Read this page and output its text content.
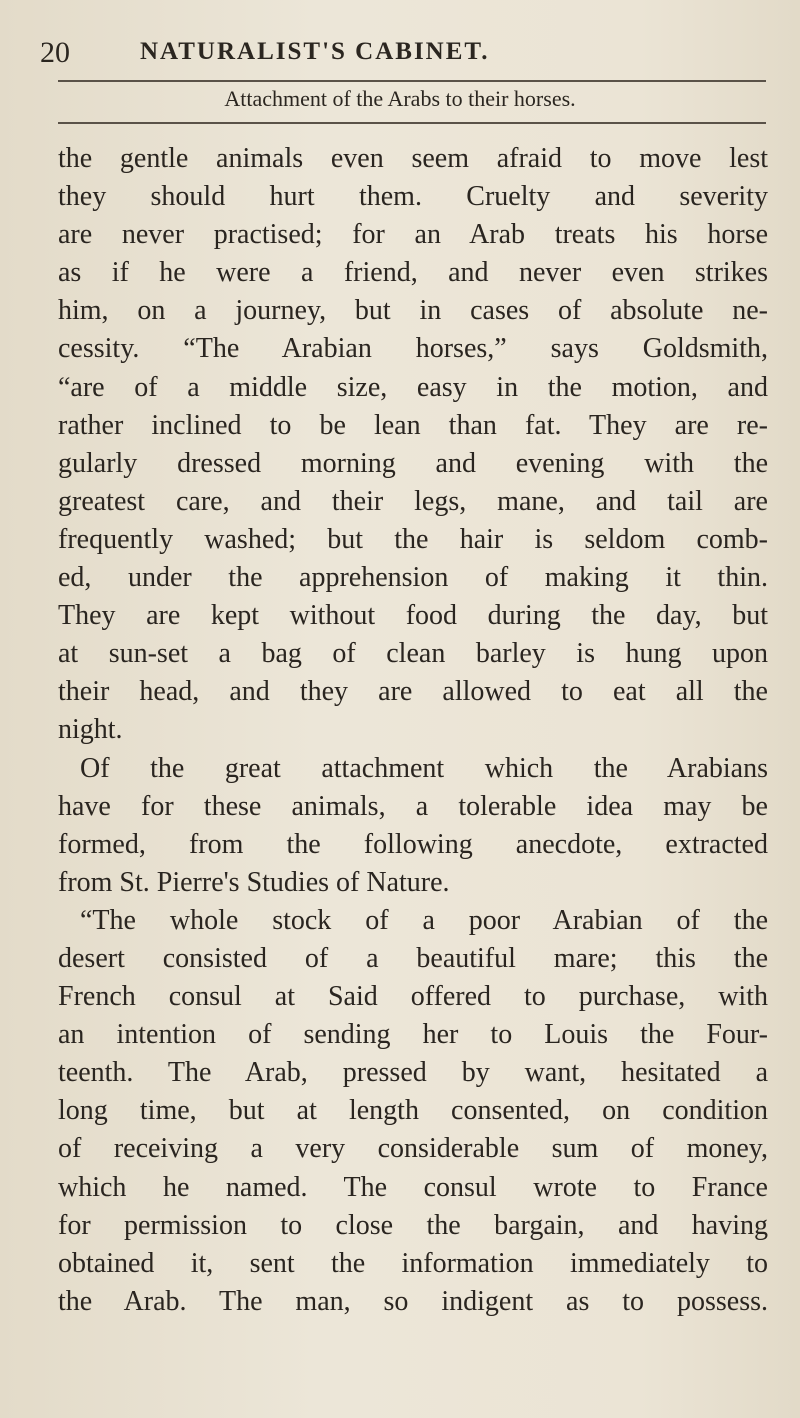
20	NATURALIST'S CABINET.
Attachment of the Arabs to their horses.
the gentle animals even seem afraid to move lest
they should hurt them. Cruelty and severity
are never practised; for an Arab treats his horse
as if he were a friend, and never even strikes
him, on a journey, but in cases of absolute ne-
cessity. “The Arabian horses,” says Goldsmith,
“are of a middle size, easy in the motion, and
rather inclined to be lean than fat. They are re-
gularly dressed morning and evening with the
greatest care, and their legs, mane, and tail are
frequently washed; but the hair is seldom comb-
ed, under the apprehension of making it thin.
They are kept without food during the day, but
at sun-set a bag of clean barley is hung upon
their head, and they are allowed to eat all the
night.
Of the great attachment which the Arabians
have for these animals, a tolerable idea may be
formed, from the following anecdote, extracted
from St. Pierre's Studies of Nature.
“The whole stock of a poor Arabian of the
desert consisted of a beautiful mare; this the
French consul at Said offered to purchase, with
an intention of sending her to Louis the Four-
teenth. The Arab, pressed by want, hesitated a
long time, but at length consented, on condition
of receiving a very considerable sum of money,
which he named. The consul wrote to France
for permission to close the bargain, and having
obtained it, sent the information immediately to
the Arab. The man, so indigent as to possess.
